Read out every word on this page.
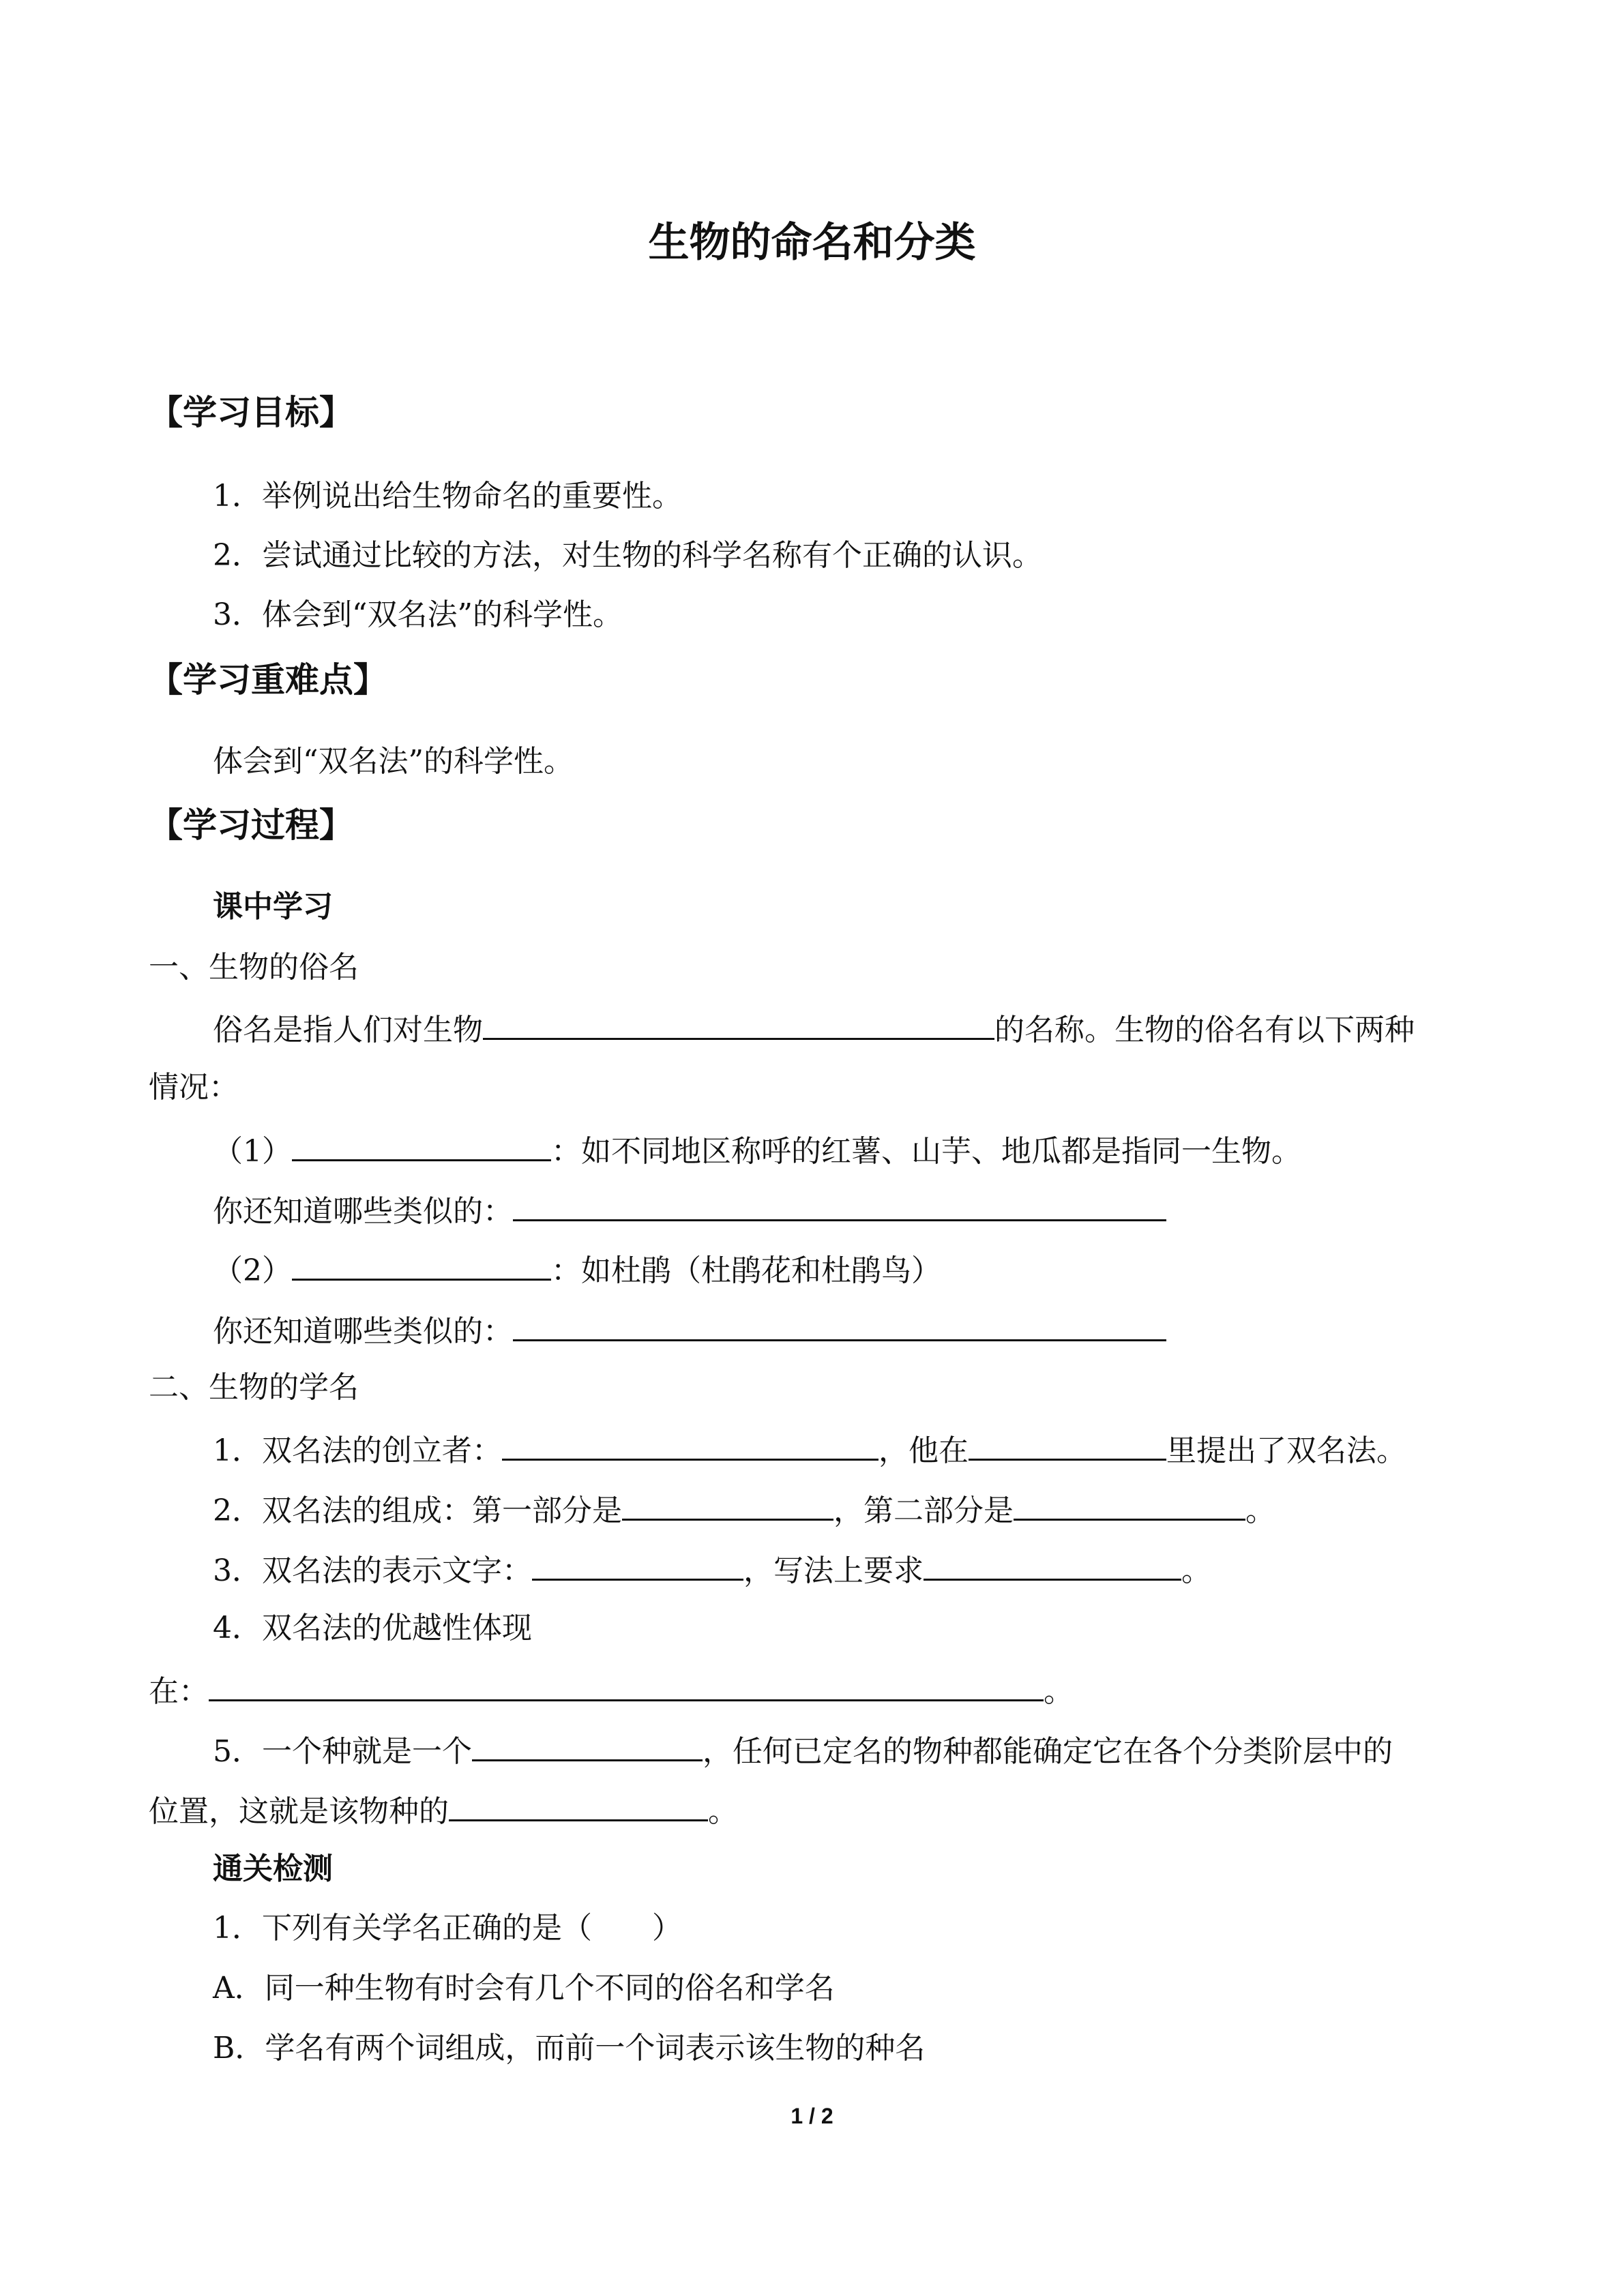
生物的命名和分类
【学习目标】
1．举例说出给生物命名的重要性。
2．尝试通过比较的方法，对生物的科学名称有个正确的认识。
3．体会到“双名法”的科学性。
【学习重难点】
体会到“双名法”的科学性。
【学习过程】
课中学习
一、生物的俗名
俗名是指人们对生物	的名称。生物的俗名有以下两种
情况：
（1）	：如不同地区称呼的红薯、山芋、地瓜都是指同一生物。
你还知道哪些类似的：
（2）	：如杜鹃（杜鹃花和杜鹃鸟）
你还知道哪些类似的：
二、生物的学名
1．双名法的创立者：	，他在	里提出了双名法。
2．双名法的组成：第一部分是	，第二部分是	。
3．双名法的表示文字：	，写法上要求	。
4．双名法的优越性体现
在：	。
5．一个种就是一个	，任何已定名的物种都能确定它在各个分类阶层中的
位置，这就是该物种的	。
通关检测
1．下列有关学名正确的是（　　）
A．同一种生物有时会有几个不同的俗名和学名
B．学名有两个词组成，而前一个词表示该生物的种名
1 / 2
